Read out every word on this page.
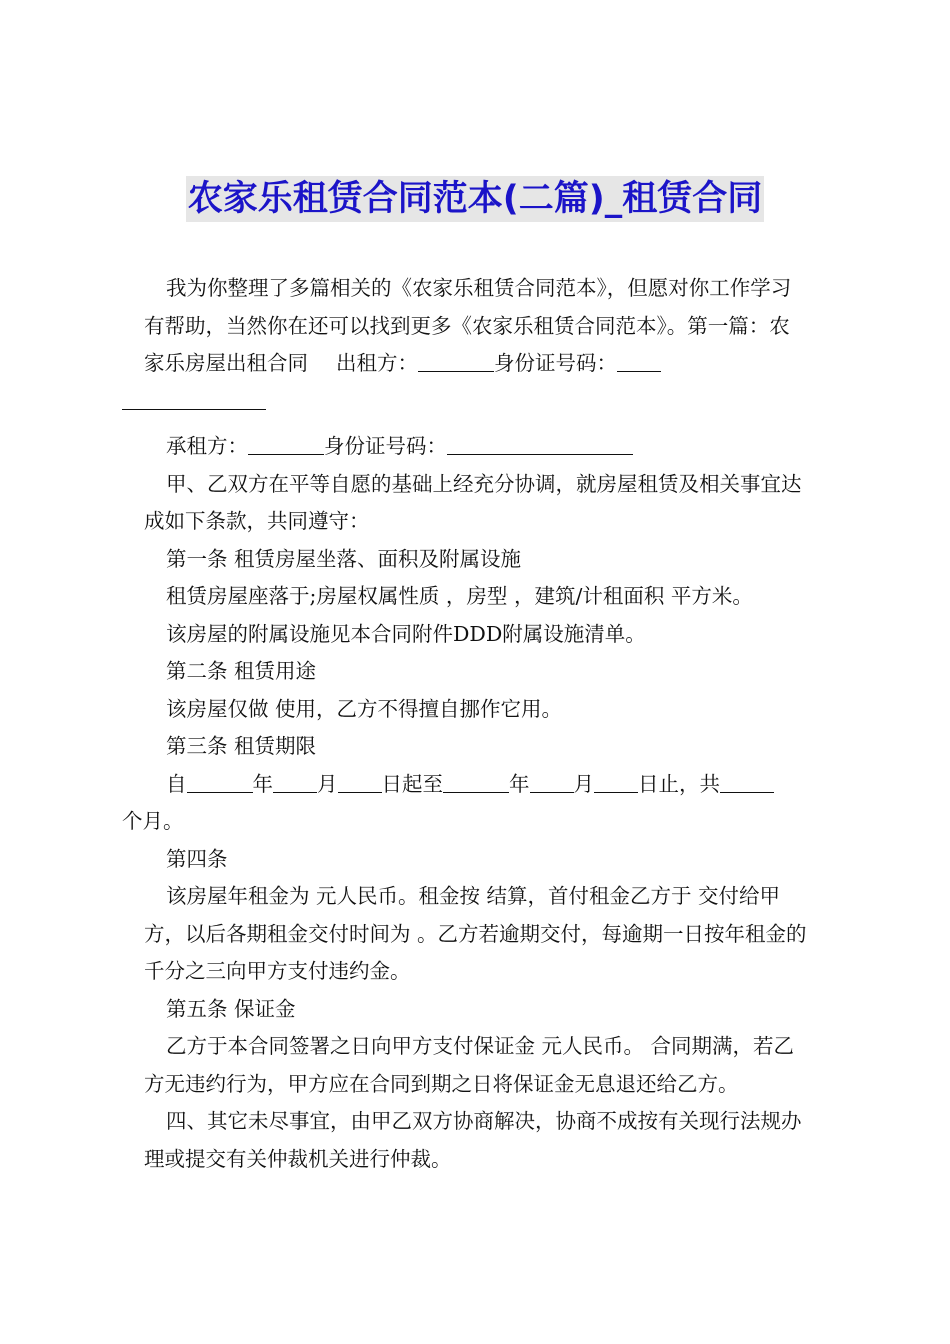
农家乐租赁合同范本(二篇)_租赁合同

我为你整理了多篇相关的《农家乐租赁合同范本》，但愿对你工作学习有帮助，当然你在还可以找到更多《农家乐租赁合同范本》。第一篇：农家乐房屋出租合同 出租方：	身份证号码：

承租方：	身份证号码：

甲、乙双方在平等自愿的基础上经充分协调，就房屋租赁及相关事宜达成如下条款，共同遵守：

第一条 租赁房屋坐落、面积及附属设施

租赁房屋座落于;房屋权属性质 ，房型 ，建筑/计租面积 平方米。

该房屋的附属设施见本合同附件DDD附属设施清单。

第二条 租赁用途

该房屋仅做 使用，乙方不得擅自挪作它用。

第三条 租赁期限

自	年 月 日起至	年 月 日止，共
个月。

第四条

该房屋年租金为 元人民币。租金按 结算，首付租金乙方于 交付给甲方，以后各期租金交付时间为 。乙方若逾期交付，每逾期一日按年租金的千分之三向甲方支付违约金。

第五条 保证金

乙方于本合同签署之日向甲方支付保证金 元人民币。 合同期满，若乙方无违约行为，甲方应在合同到期之日将保证金无息退还给乙方。

四、其它未尽事宜，由甲乙双方协商解决，协商不成按有关现行法规办理或提交有关仲裁机关进行仲裁。
